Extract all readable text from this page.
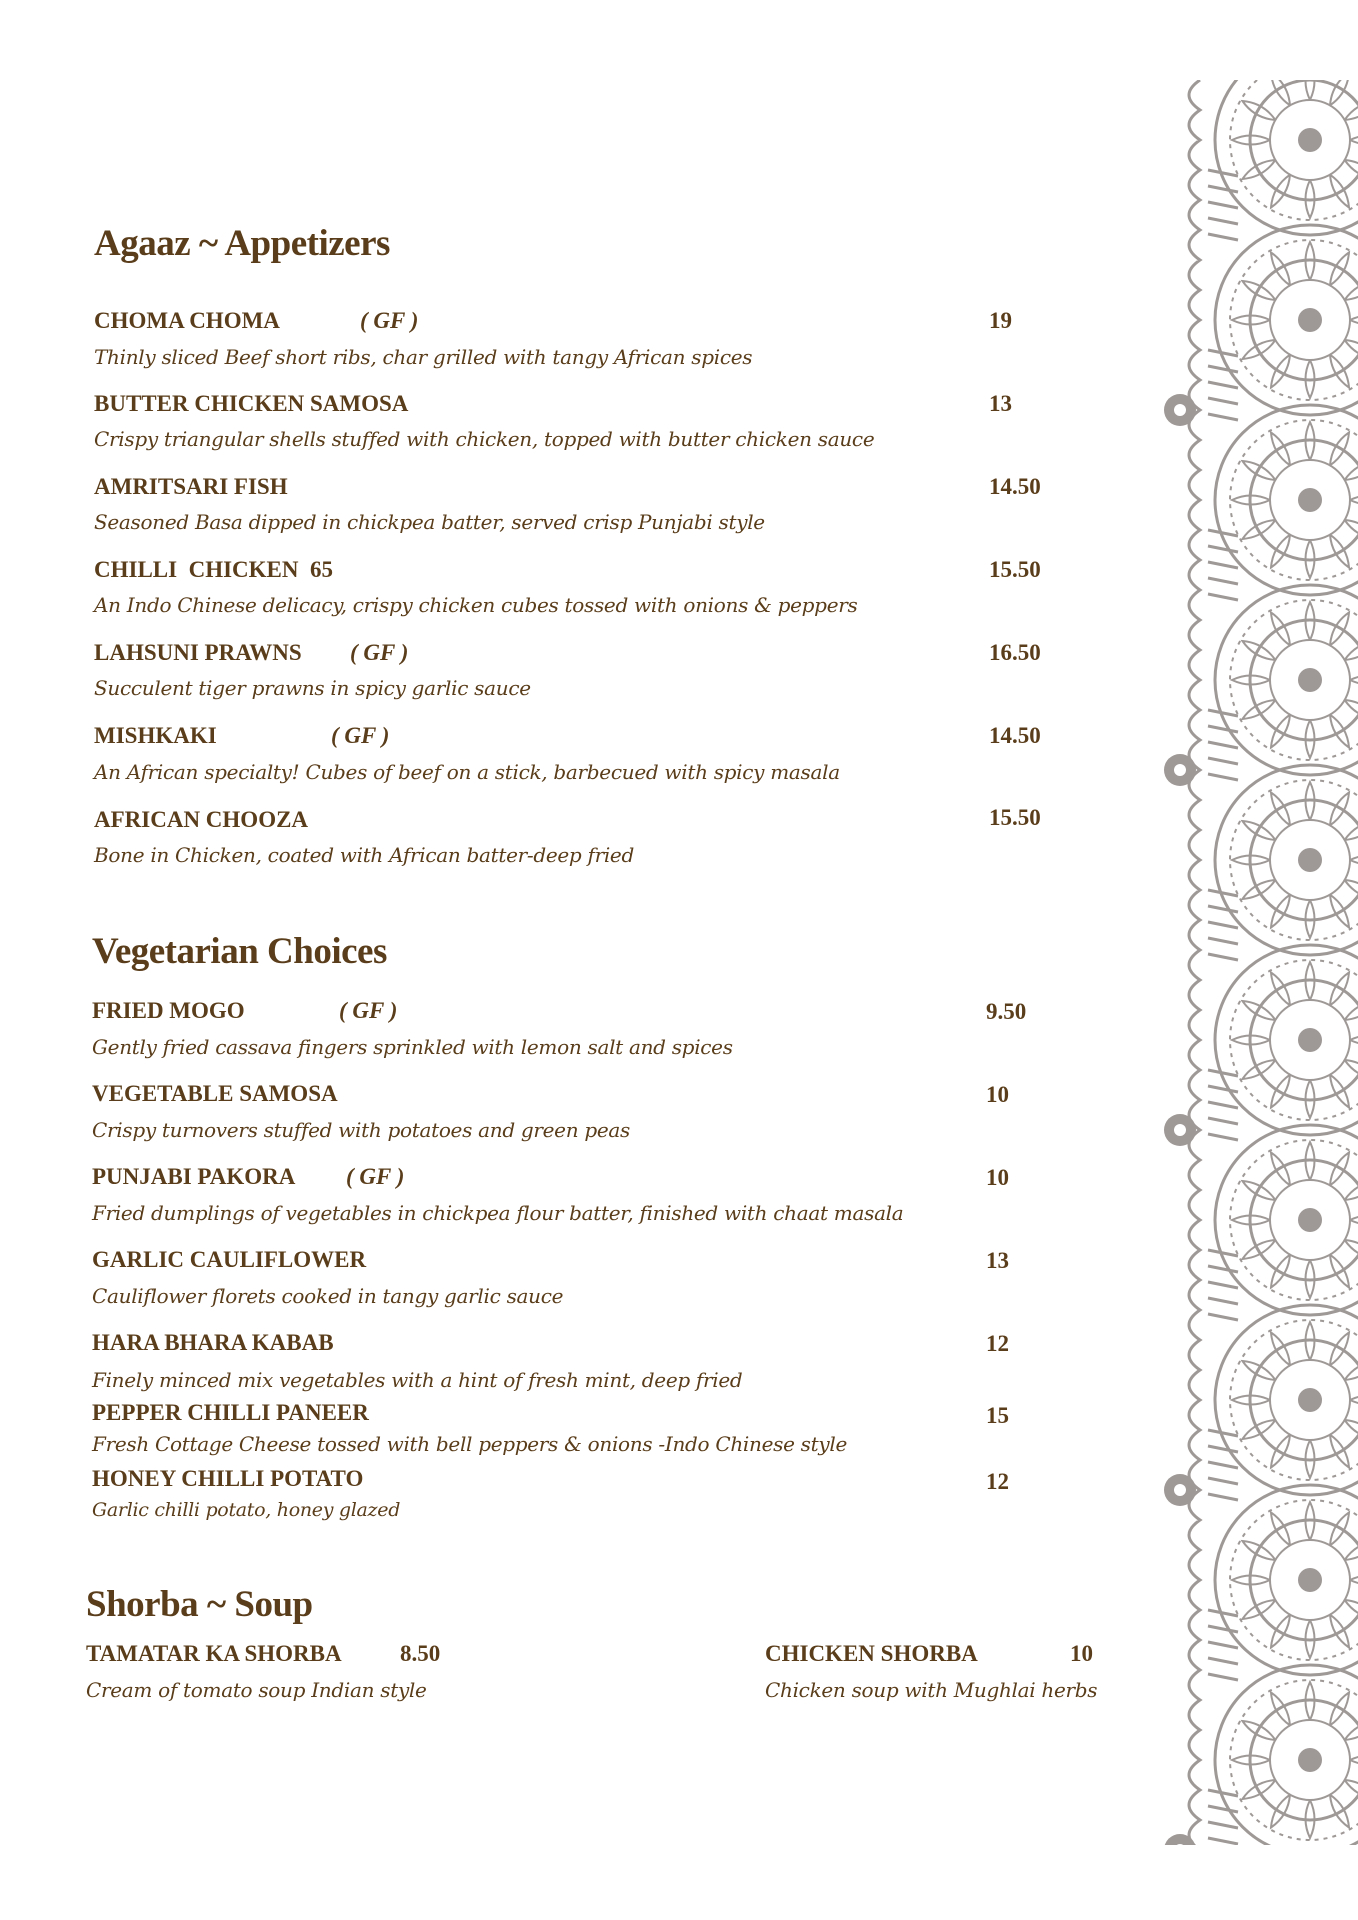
Agaaz ~ Appetizers
CHOMA CHOMA	( GF )	19
Thinly sliced Beef short ribs, char grilled with tangy African spices
BUTTER CHICKEN SAMOSA	13
Crispy triangular shells stuffed with chicken, topped with butter chicken sauce
AMRITSARI FISH	14.50
Seasoned Basa dipped in chickpea batter, served crisp Punjabi style
CHILLI  CHICKEN  65	15.50
An Indo Chinese delicacy, crispy chicken cubes tossed with onions & peppers
LAHSUNI PRAWNS ( GF )	16.50
Succulent tiger prawns in spicy garlic sauce
MISHKAKI	( GF )	14.50
An African specialty! Cubes of beef on a stick, barbecued with spicy masala
AFRICAN CHOOZA	15.50
Bone in Chicken, coated with African batter-deep fried
Vegetarian Choices
FRIED MOGO	( GF )	9.50
Gently fried cassava fingers sprinkled with lemon salt and spices
VEGETABLE SAMOSA	10
Crispy turnovers stuffed with potatoes and green peas
PUNJABI PAKORA ( GF )	10
Fried dumplings of vegetables in chickpea flour batter, finished with chaat masala
GARLIC CAULIFLOWER	13
Cauliflower florets cooked in tangy garlic sauce
HARA BHARA KABAB	12
Finely minced mix vegetables with a hint of fresh mint, deep fried
PEPPER CHILLI PANEER	15
Fresh Cottage Cheese tossed with bell peppers & onions -Indo Chinese style
HONEY CHILLI POTATO	12
Garlic chilli potato, honey glazed
Shorba ~ Soup
TAMATAR KA SHORBA	8.50
Cream of tomato soup Indian style
CHICKEN SHORBA	10
Chicken soup with Mughlai herbs
